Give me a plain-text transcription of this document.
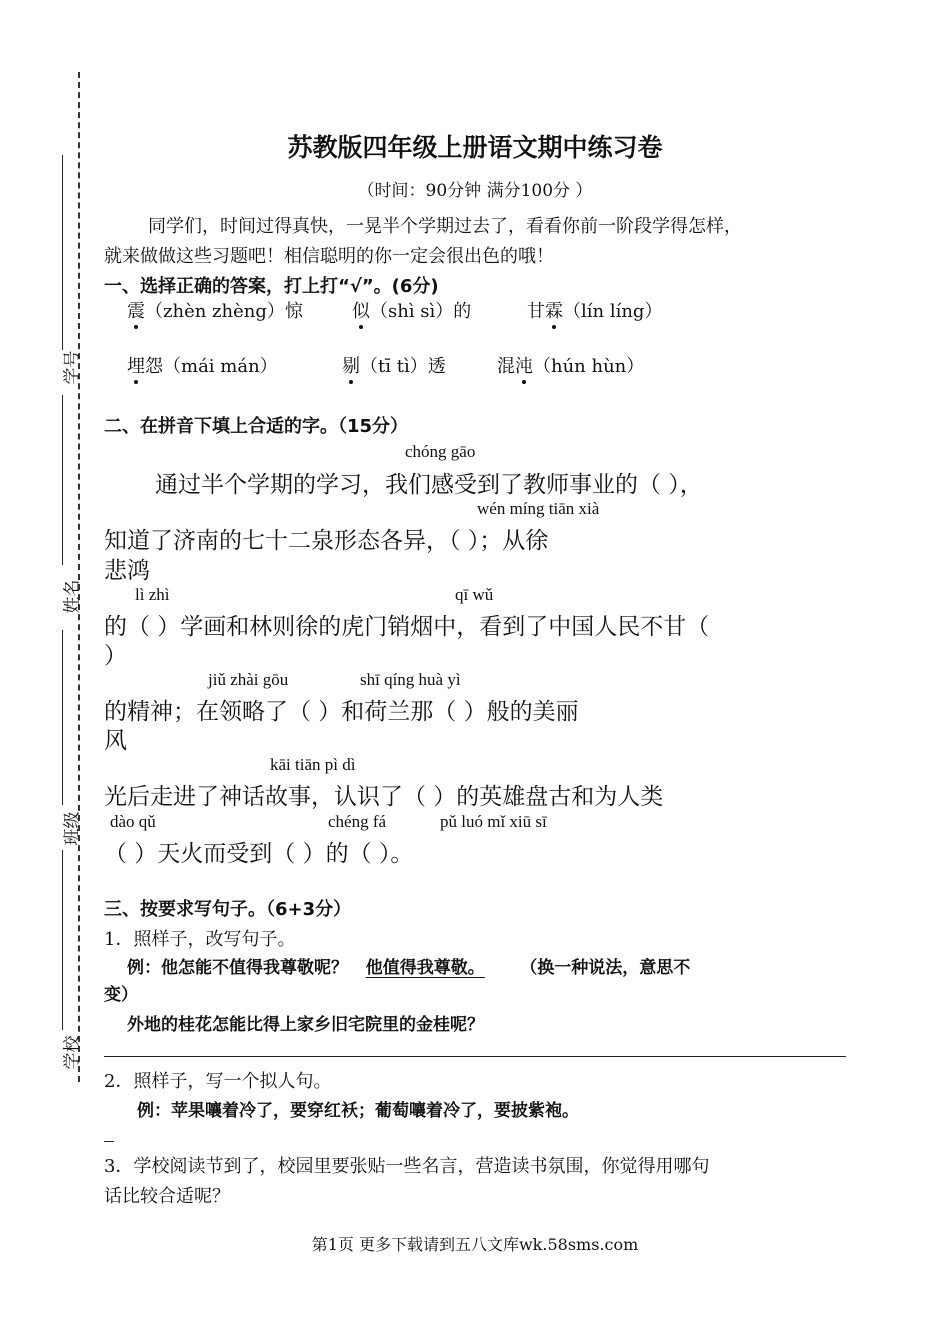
学号
姓名
班级
学校
苏教版四年级上册语文期中练习卷
（时间：90分钟 满分100分 ）
同学们，时间过得真快，一晃半个学期过去了，看看你前一阶段学得怎样，
就来做做这些习题吧！相信聪明的你一定会很出色的哦！
一、选择正确的答案，打上打“√”。(6分)
震（zhèn zhèng）惊	似（shì sì）的	甘霖（lín líng）
埋怨（mái mán）	剔（tī tì）透	混沌（hún hùn）
二、在拼音下填上合适的字。（15分）
chóng gāo
通过半个学期的学习，我们感受到了教师事业的（ ），
wén míng tiān xià
知道了济南的七十二泉形态各异，（ ）；从徐
悲鸿
lì zhì	qī wǔ
的（ ）学画和林则徐的虎门销烟中，看到了中国人民不甘（
）
jiǔ zhài gōu	shī qíng huà yì
的精神；在领略了（ ）和荷兰那（ ）般的美丽
风
kāi tiān pì dì
光后走进了神话故事，认识了（ ）的英雄盘古和为人类
dào qǔ	chéng fá	pǔ luó mǐ xiū sī
（ ）天火而受到（ ）的（ ）。
三、按要求写句子。（6+3分）
1．照样子，改写句子。
例：他怎能不值得我尊敬呢？ 他值得我尊敬。 （换一种说法，意思不
变）
外地的桂花怎能比得上家乡旧宅院里的金桂呢？
2．照样子，写一个拟人句。
例：苹果嚷着冷了，要穿红袄；葡萄嚷着冷了，要披紫袍。
3．学校阅读节到了，校园里要张贴一些名言，营造读书氛围，你觉得用哪句
话比较合适呢？
第1页 更多下载请到五八文库wk.58sms.com
